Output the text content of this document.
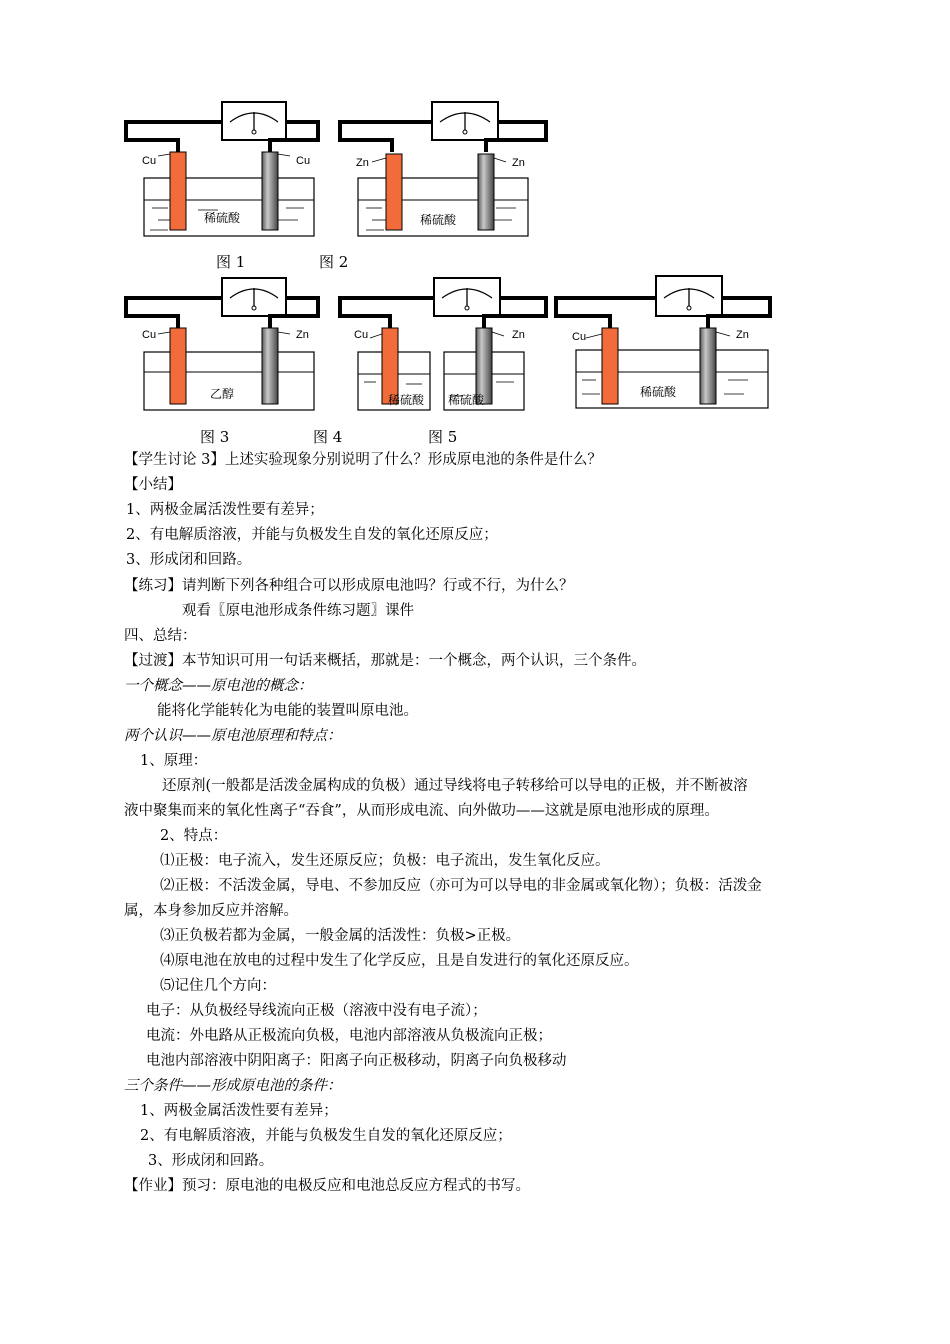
Cu	Cu
稀硫酸
Zn	Zn
稀硫酸
图 1	图 2
Cu	Zn
乙醇
Cu	Zn
稀硫酸 稀硫酸
Cu	Zn
稀硫酸
图 3	图 4	图 5
【学生讨论 3】上述实验现象分别说明了什么？形成原电池的条件是什么？
【小结】
1、两极金属活泼性要有差异；
2、有电解质溶液，并能与负极发生自发的氧化还原反应；
3、形成闭和回路。
【练习】请判断下列各种组合可以形成原电池吗？行或不行，为什么？
观看〖原电池形成条件练习题〗课件
四、总结：
【过渡】本节知识可用一句话来概括，那就是：一个概念，两个认识，三个条件。
一个概念——原电池的概念：
能将化学能转化为电能的装置叫原电池。
两个认识——原电池原理和特点：
1、原理：
还原剂(一般都是活泼金属构成的负极）通过导线将电子转移给可以导电的正极，并不断被溶
液中聚集而来的氧化性离子“吞食”，从而形成电流、向外做功——这就是原电池形成的原理。
2、特点：
⑴正极：电子流入，发生还原反应；负极：电子流出，发生氧化反应。
⑵正极：不活泼金属，导电、不参加反应（亦可为可以导电的非金属或氧化物）；负极：活泼金
属，本身参加反应并溶解。
⑶正负极若都为金属，一般金属的活泼性：负极>正极。
⑷原电池在放电的过程中发生了化学反应，且是自发进行的氧化还原反应。
⑸记住几个方向：
电子：从负极经导线流向正极（溶液中没有电子流）；
电流：外电路从正极流向负极，电池内部溶液从负极流向正极；
电池内部溶液中阴阳离子：阳离子向正极移动，阴离子向负极移动
三个条件——形成原电池的条件：
1、两极金属活泼性要有差异；
2、有电解质溶液，并能与负极发生自发的氧化还原反应；
3、形成闭和回路。
【作业】预习：原电池的电极反应和电池总反应方程式的书写。
